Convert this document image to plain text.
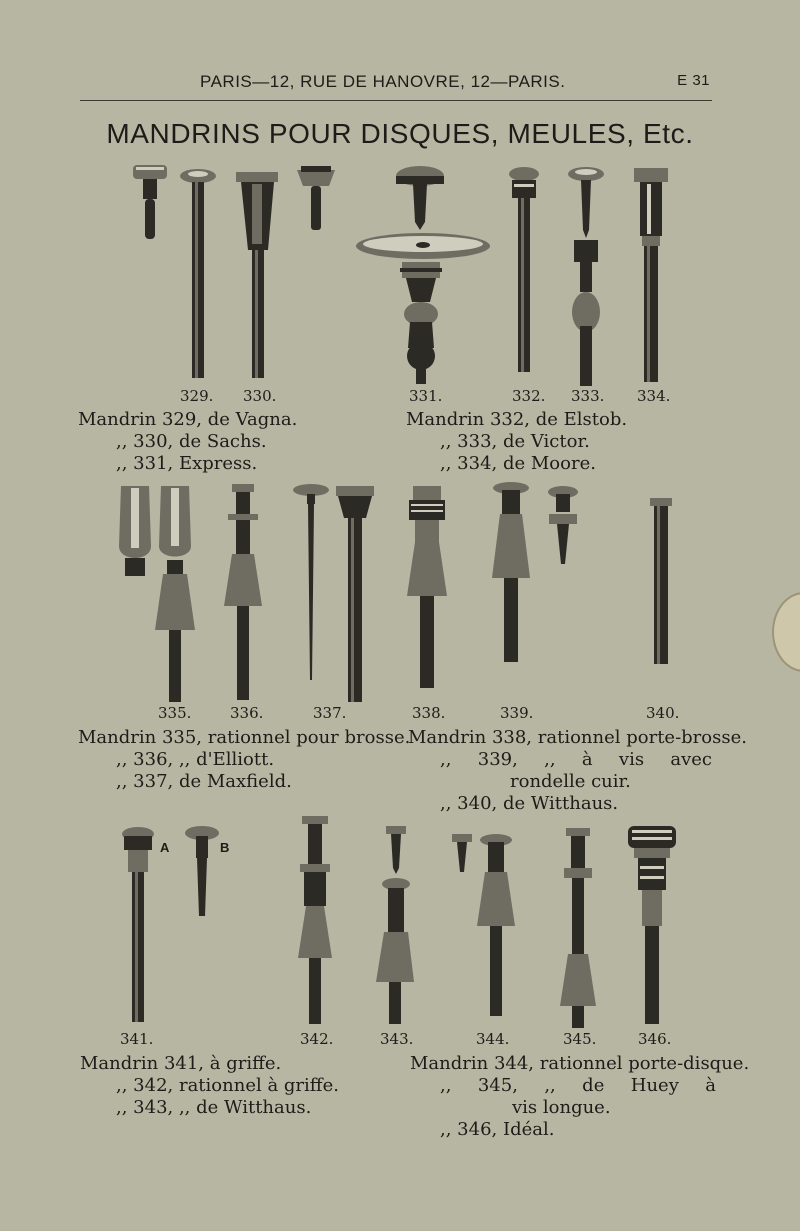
PARIS—12, RUE DE HANOVRE, 12—PARIS.	E 31
MANDRINS POUR DISQUES, MEULES, Etc.
329. 330.	331.	332. 333. 334.
Mandrin 329, de Vagna.
,, 330, de Sachs.
,, 331, Express.
Mandrin 332, de Elstob.
,, 333, de Victor.
,, 334, de Moore.
335.	336.	337.	338.	339.	340.
Mandrin 335, rationnel pour brosse.
,, 336, ,, d'Elliott.
,, 337, de Maxfield.
Mandrin 338, rationnel porte-brosse.
,, 339, ,, à vis avec
rondelle cuir.
,, 340, de Witthaus.
A	B
341.	342.	343.	344.	345.	346.
Mandrin 341, à griffe.
,, 342, rationnel à griffe.
,, 343, ,, de Witthaus.
Mandrin 344, rationnel porte-disque.
,, 345, ,, de Huey à
vis longue.
,, 346, Idéal.
